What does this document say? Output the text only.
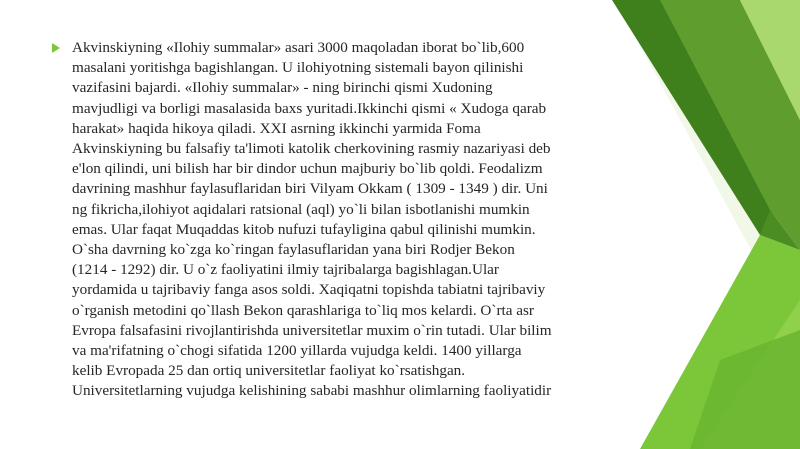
Akvinskiyning «Ilohiy summalar» asari 3000 maqoladan iborat bo`lib,600
masalani yoritishga bagishlangan. U ilohiyotning sistemali bayon qilinishi
vazifasini bajardi. «Ilohiy summalar» - ning birinchi qismi Xudoning
mavjudligi va borligi masalasida baxs yuritadi.Ikkinchi qismi « Xudoga qarab
harakat» haqida hikoya qiladi. XXI asrning ikkinchi yarmida Foma
Akvinskiyning bu falsafiy ta'limoti katolik cherkovining rasmiy nazariyasi deb
e'lon qilindi, uni bilish har bir dindor uchun majburiy bo`lib qoldi. Feodalizm
davrining mashhur faylasuflaridan biri Vilyam Okkam ( 1309 - 1349 ) dir. Uni
ng fikricha,ilohiyot aqidalari ratsional (aql) yo`li bilan isbotlanishi mumkin
emas. Ular faqat Muqaddas kitob nufuzi tufayligina qabul qilinishi mumkin.
O`sha davrning ko`zga ko`ringan faylasuflaridan yana biri Rodjer Bekon
(1214 - 1292) dir. U o`z faoliyatini ilmiy tajribalarga bagishlagan.Ular
yordamida u tajribaviy fanga asos soldi. Xaqiqatni topishda tabiatni tajribaviy
o`rganish metodini qo`llash Bekon qarashlariga to`liq mos kelardi. O`rta asr
Evropa falsafasini rivojlantirishda universitetlar muxim o`rin tutadi. Ular bilim
va ma'rifatning o`chogi sifatida 1200 yillarda vujudga keldi. 1400 yillarga
kelib Evropada 25 dan ortiq universitetlar faoliyat ko`rsatishgan.
Universitetlarning vujudga kelishining sababi mashhur olimlarning faoliyatidir
